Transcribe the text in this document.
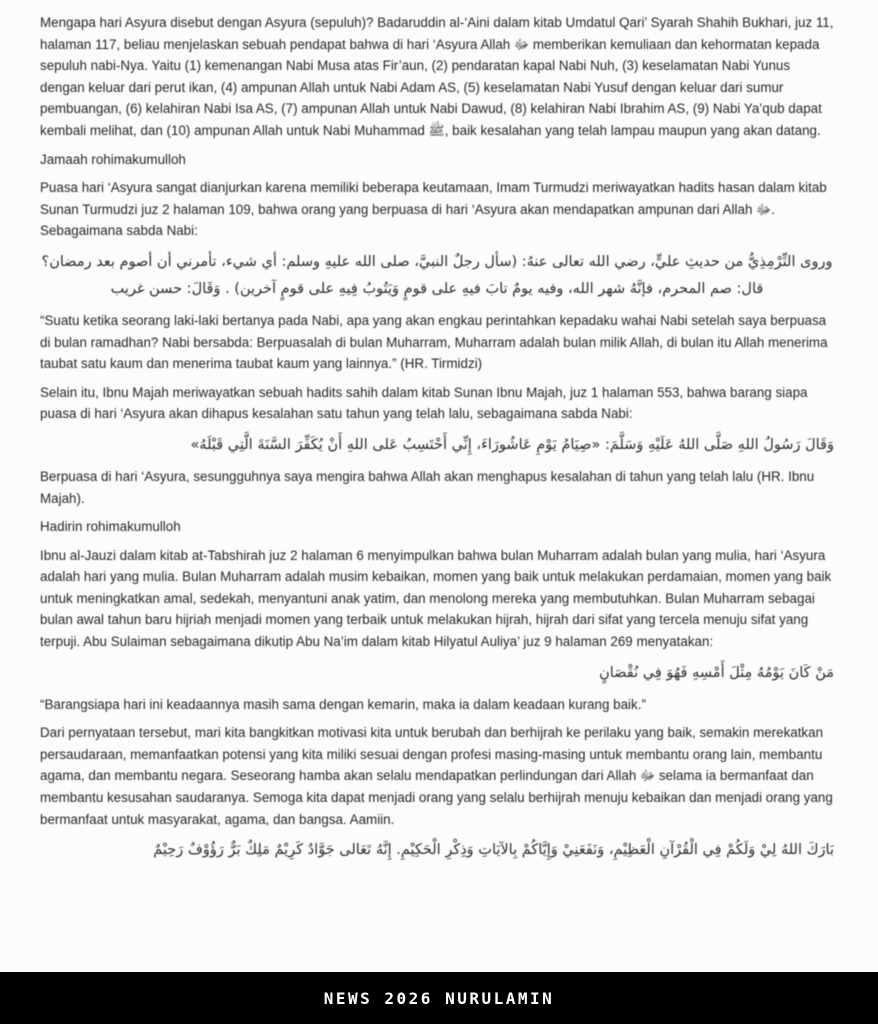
Mengapa hari Asyura disebut dengan Asyura (sepuluh)? Badaruddin al-‘Aini dalam kitab Umdatul Qari’ Syarah Shahih Bukhari, juz 11, halaman 117, beliau menjelaskan sebuah pendapat bahwa di hari ‘Asyura Allah ﷻ memberikan kemuliaan dan kehormatan kepada sepuluh nabi-Nya. Yaitu (1) kemenangan Nabi Musa atas Fir’aun, (2) pendaratan kapal Nabi Nuh, (3) keselamatan Nabi Yunus dengan keluar dari perut ikan, (4) ampunan Allah untuk Nabi Adam AS, (5) keselamatan Nabi Yusuf dengan keluar dari sumur pembuangan, (6) kelahiran Nabi Isa AS, (7) ampunan Allah untuk Nabi Dawud, (8) kelahiran Nabi Ibrahim AS, (9) Nabi Ya’qub dapat kembali melihat, dan (10) ampunan Allah untuk Nabi Muhammad ﷺ, baik kesalahan yang telah lampau maupun yang akan datang.

Jamaah rohimakumulloh

Puasa hari ‘Asyura sangat dianjurkan karena memiliki beberapa keutamaan, Imam Turmudzi meriwayatkan hadits hasan dalam kitab Sunan Turmudzi juz 2 halaman 109, bahwa orang yang berpuasa di hari ‘Asyura akan mendapatkan ampunan dari Allah ﷻ. Sebagaimana sabda Nabi:

وروى التِّرْمِذِيُّ من حديثِ عليٍّ، رضي الله تعالى عنهُ: (سأل رجلٌ النبيَّ، صلى الله عليهِ وسلم: أي شيء، تأمرني أن أصوم بعد رمضان؟ قال: صم المحرم، فإنَّهُ شهر الله، وفيه يومٌ تابَ فيهِ على قومٍ وَيَتُوبُ فِيهِ على قومٍ آخرين) . وَقَالَ: حسن غريب

“Suatu ketika seorang laki-laki bertanya pada Nabi, apa yang akan engkau perintahkan kepadaku wahai Nabi setelah saya berpuasa di bulan ramadhan? Nabi bersabda: Berpuasalah di bulan Muharram, Muharram adalah bulan milik Allah, di bulan itu Allah menerima taubat satu kaum dan menerima taubat kaum yang lainnya.” (HR. Tirmidzi)

Selain itu, Ibnu Majah meriwayatkan sebuah hadits sahih dalam kitab Sunan Ibnu Majah, juz 1 halaman 553, bahwa barang siapa puasa di hari ‘Asyura akan dihapus kesalahan satu tahun yang telah lalu, sebagaimana sabda Nabi:

وَقَالَ رَسُولُ اللهِ صَلَّى اللهُ عَلَيْهِ وَسَلَّمَ: «صِيَامُ يَوْمِ عَاشُورَاءَ، إِنِّي أَحْتَسِبُ عَلى اللهِ أَنْ يُكَفِّرَ السَّنَةَ الَّتِي قَبْلَهُ»

Berpuasa di hari ‘Asyura, sesungguhnya saya mengira bahwa Allah akan menghapus kesalahan di tahun yang telah lalu (HR. Ibnu Majah).

Hadirin rohimakumulloh

Ibnu al-Jauzi dalam kitab at-Tabshirah juz 2 halaman 6 menyimpulkan bahwa bulan Muharram adalah bulan yang mulia, hari ‘Asyura adalah hari yang mulia. Bulan Muharram adalah musim kebaikan, momen yang baik untuk melakukan perdamaian, momen yang baik untuk meningkatkan amal, sedekah, menyantuni anak yatim, dan menolong mereka yang membutuhkan. Bulan Muharram sebagai bulan awal tahun baru hijriah menjadi momen yang terbaik untuk melakukan hijrah, hijrah dari sifat yang tercela menuju sifat yang terpuji. Abu Sulaiman sebagaimana dikutip Abu Na’im dalam kitab Hilyatul Auliya’ juz 9 halaman 269 menyatakan:

مَنْ كَانَ يَوْمُهُ مِثْلَ أَمْسِهِ فَهُوَ فِي نُقْصَانٍ

“Barangsiapa hari ini keadaannya masih sama dengan kemarin, maka ia dalam keadaan kurang baik.”

Dari pernyataan tersebut, mari kita bangkitkan motivasi kita untuk berubah dan berhijrah ke perilaku yang baik, semakin merekatkan persaudaraan, memanfaatkan potensi yang kita miliki sesuai dengan profesi masing-masing untuk membantu orang lain, membantu agama, dan membantu negara. Seseorang hamba akan selalu mendapatkan perlindungan dari Allah ﷻ selama ia bermanfaat dan membantu kesusahan saudaranya. Semoga kita dapat menjadi orang yang selalu berhijrah menuju kebaikan dan menjadi orang yang bermanfaat untuk masyarakat, agama, dan bangsa. Aamiin.

بَارَكَ اللهُ لِيْ وَلَكُمْ فِي الْقُرْآنِ الْعَظِيْمِ، وَنَفَعَنِيْ وَإِيَّاكُمْ بِالآيَاتِ وَذِكْرِ الْحَكِيْمِ. إِنَّهُ تَعَالى جَوَّادٌ كَرِيْمٌ مَلِكٌ بَرٌّ رَؤُوْفٌ رَحِيْمٌ

NEWS 2026 NURULAMIN
